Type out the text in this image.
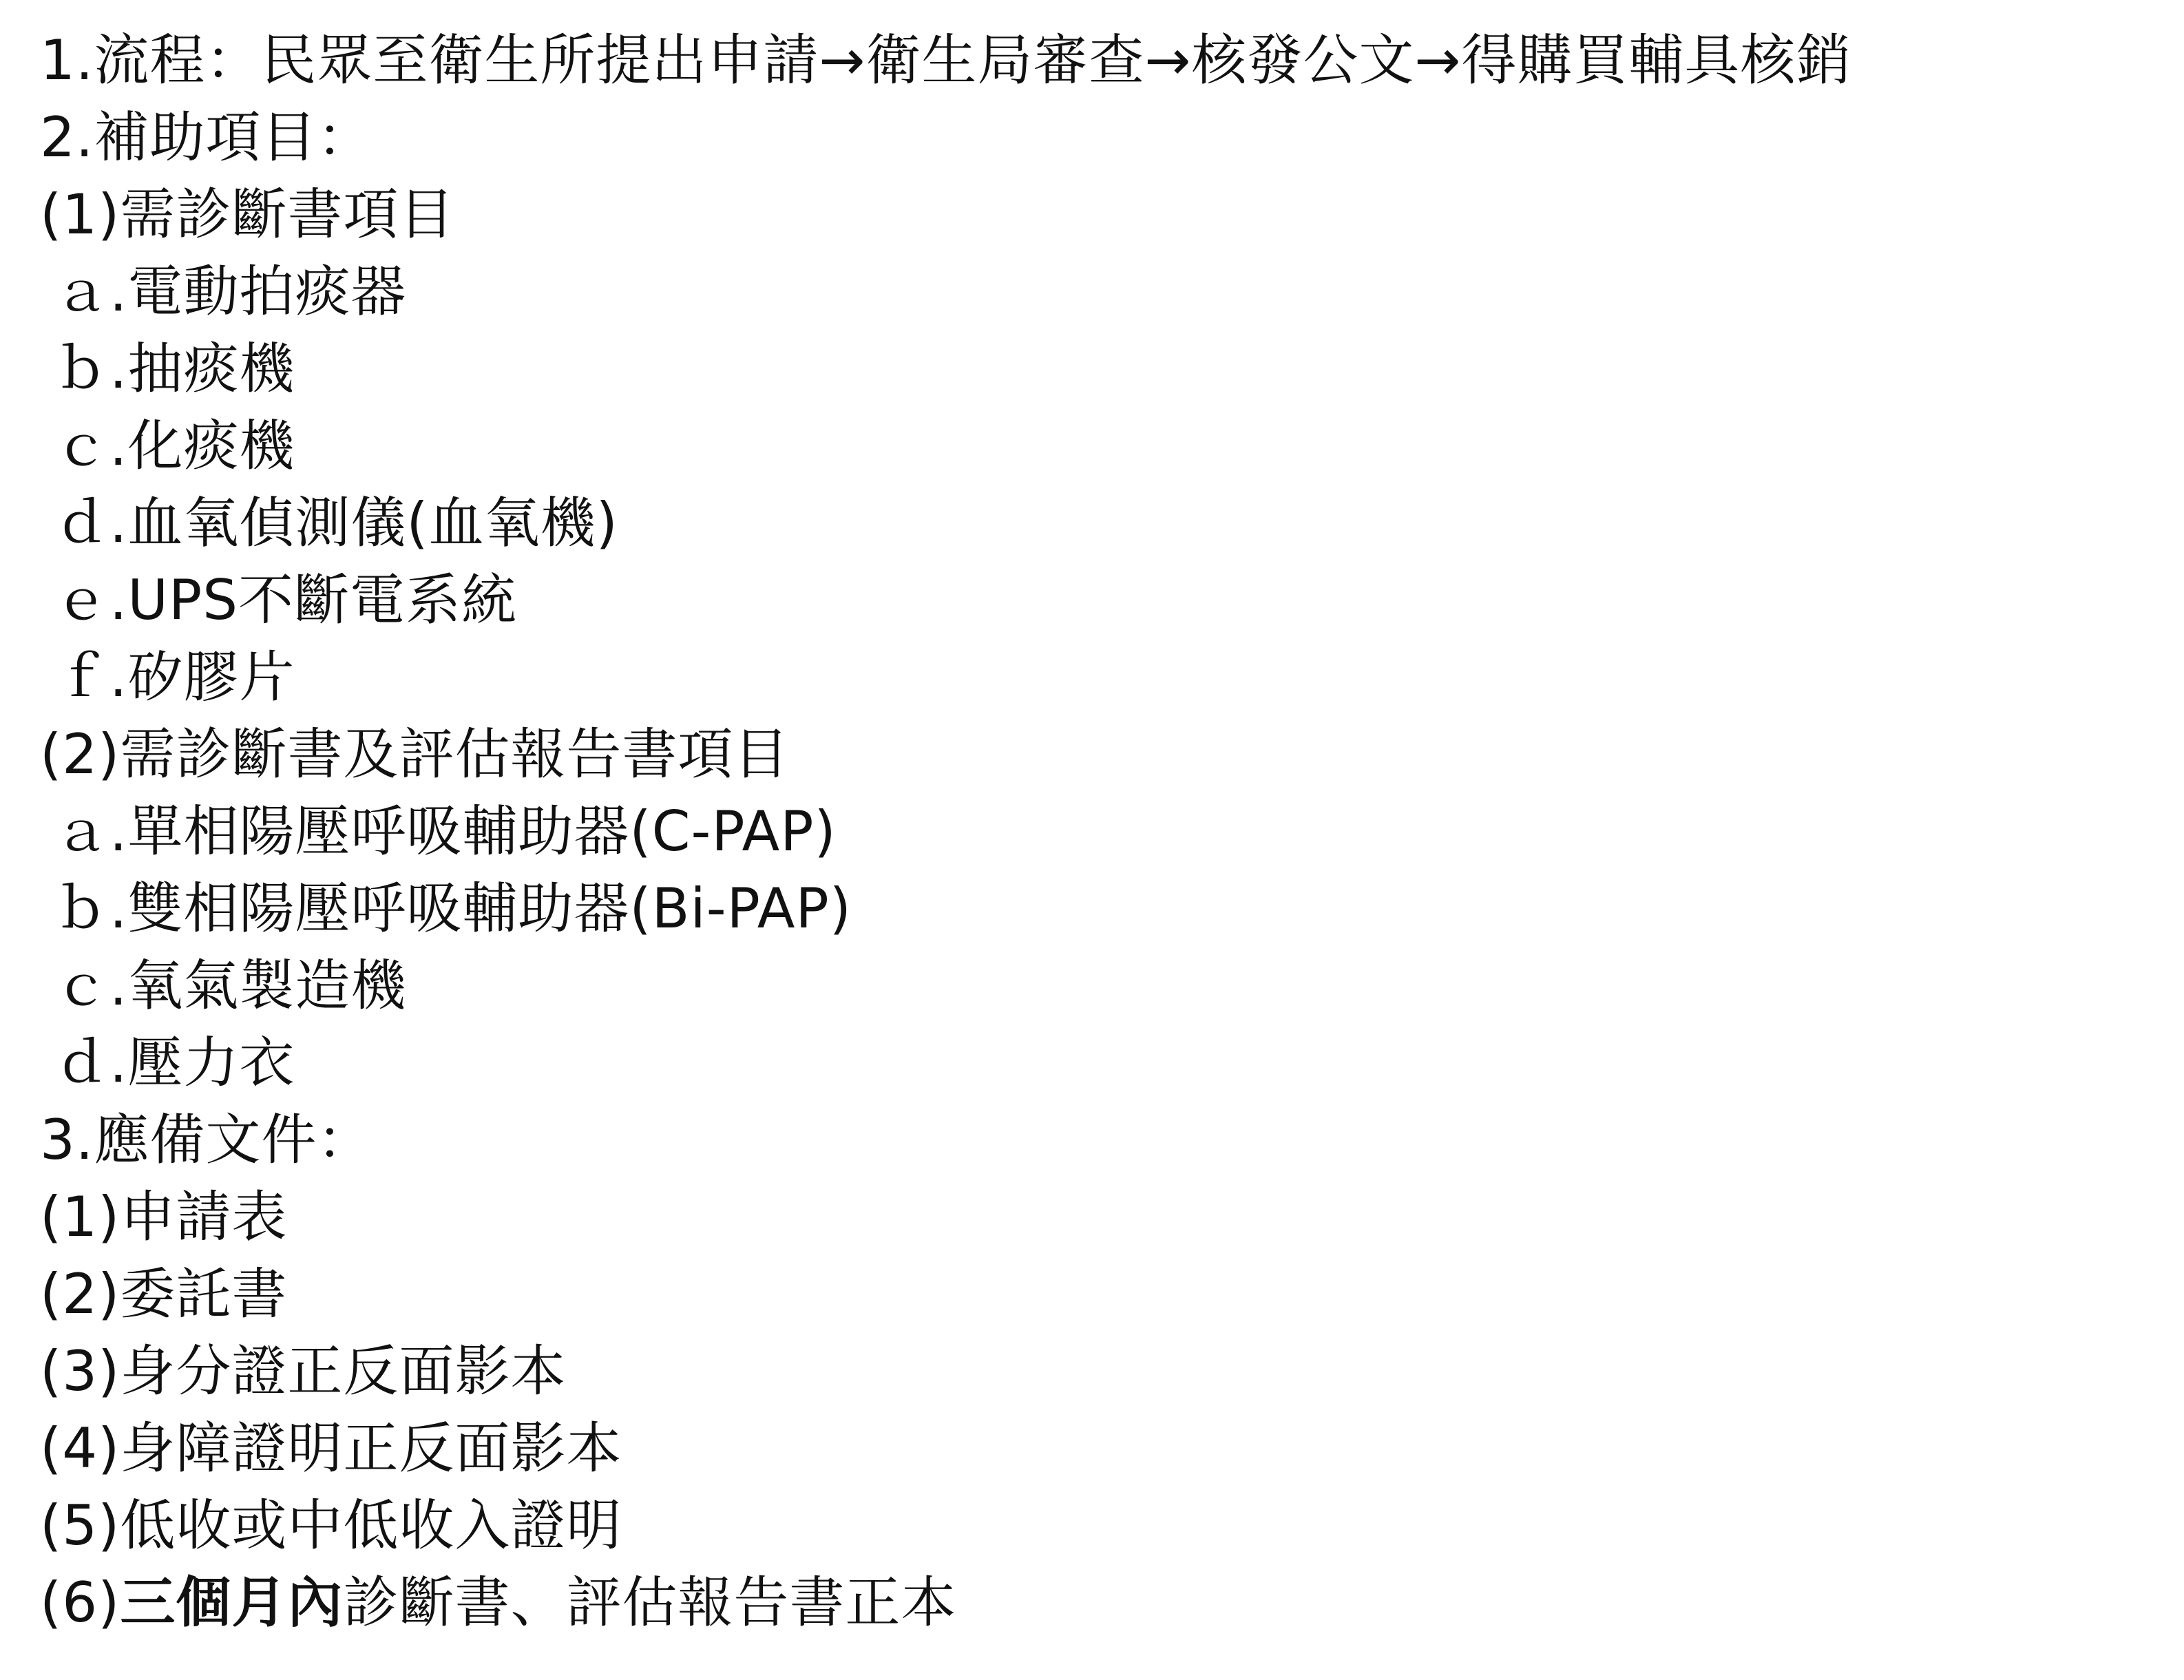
1.流程：民眾至衛生所提出申請→衛生局審查→核發公文→得購買輔具核銷
2.補助項目：
(1)需診斷書項目
ａ.電動拍痰器
ｂ.抽痰機
ｃ.化痰機
ｄ.血氧偵測儀(血氧機)
ｅ.UPS不斷電系統
ｆ.矽膠片
(2)需診斷書及評估報告書項目
ａ.單相陽壓呼吸輔助器(C-PAP)
ｂ.雙相陽壓呼吸輔助器(Bi-PAP)
ｃ.氧氣製造機
ｄ.壓力衣
3.應備文件：
(1)申請表
(2)委託書
(3)身分證正反面影本
(4)身障證明正反面影本
(5)低收或中低收入證明
(6)三個月內診斷書、評估報告書正本
